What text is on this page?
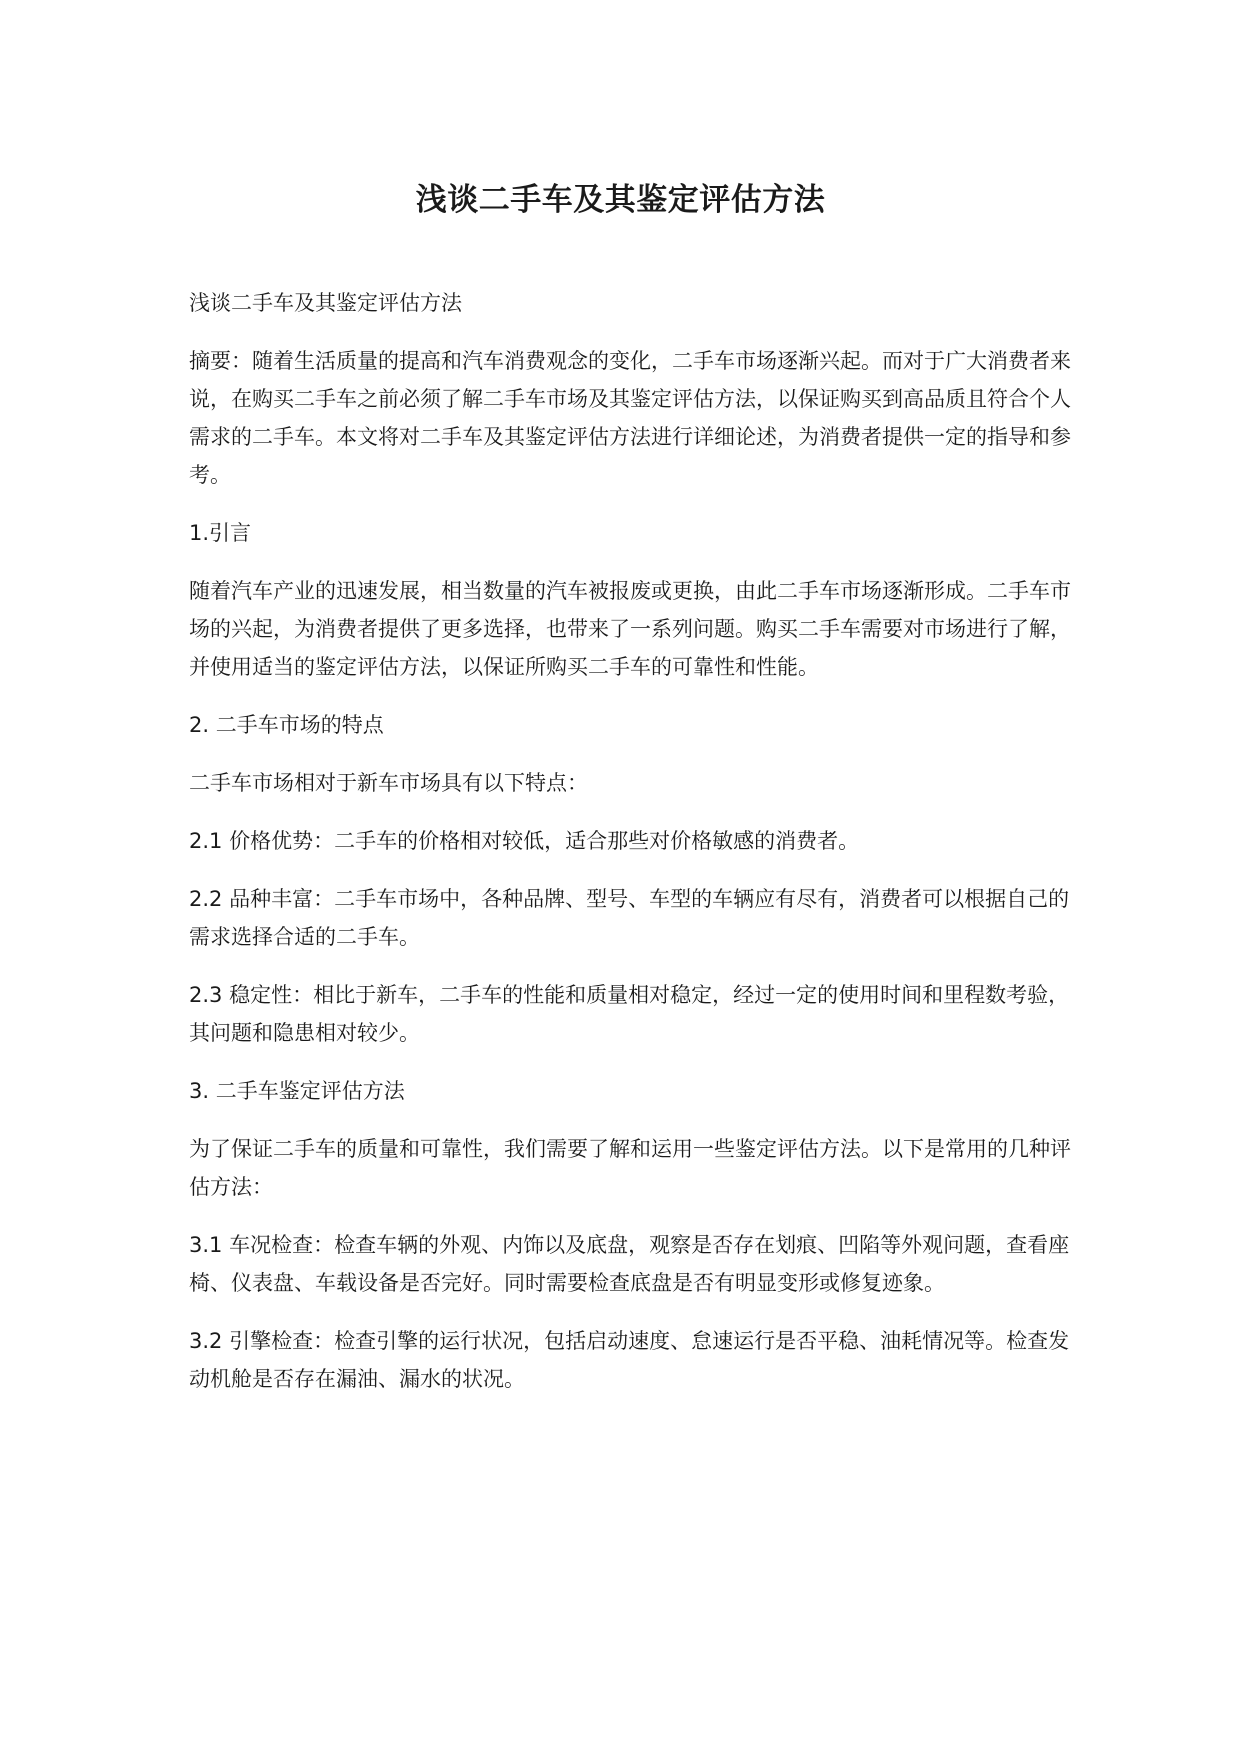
浅谈二手车及其鉴定评估方法

浅谈二手车及其鉴定评估方法

摘要：随着生活质量的提高和汽车消费观念的变化，二手车市场逐渐兴起。而对于广大消费者来说，在购买二手车之前必须了解二手车市场及其鉴定评估方法，以保证购买到高品质且符合个人需求的二手车。本文将对二手车及其鉴定评估方法进行详细论述，为消费者提供一定的指导和参考。

1.引言

随着汽车产业的迅速发展，相当数量的汽车被报废或更换，由此二手车市场逐渐形成。二手车市场的兴起，为消费者提供了更多选择，也带来了一系列问题。购买二手车需要对市场进行了解，并使用适当的鉴定评估方法，以保证所购买二手车的可靠性和性能。

2. 二手车市场的特点

二手车市场相对于新车市场具有以下特点：

2.1 价格优势：二手车的价格相对较低，适合那些对价格敏感的消费者。

2.2 品种丰富：二手车市场中，各种品牌、型号、车型的车辆应有尽有，消费者可以根据自己的需求选择合适的二手车。

2.3 稳定性：相比于新车，二手车的性能和质量相对稳定，经过一定的使用时间和里程数考验，其问题和隐患相对较少。

3. 二手车鉴定评估方法

为了保证二手车的质量和可靠性，我们需要了解和运用一些鉴定评估方法。以下是常用的几种评估方法：

3.1 车况检查：检查车辆的外观、内饰以及底盘，观察是否存在划痕、凹陷等外观问题，查看座椅、仪表盘、车载设备是否完好。同时需要检查底盘是否有明显变形或修复迹象。

3.2 引擎检查：检查引擎的运行状况，包括启动速度、怠速运行是否平稳、油耗情况等。检查发动机舱是否存在漏油、漏水的状况。
